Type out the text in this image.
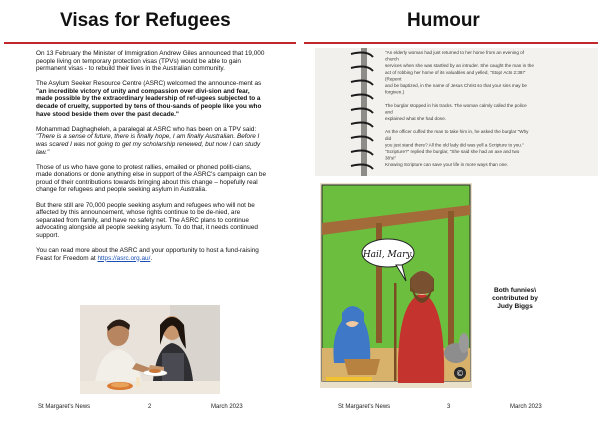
Visas for Refugees

On 13 February the Minister of Immigration Andrew Giles announced that 19,000 people living on temporary protection visas (TPVs) would be able to gain permanent visas - to rebuild their lives in the Australian community.

The Asylum Seeker Resource Centre (ASRC) welcomed the announce-ment as "an incredible victory of unity and compassion over divi-sion and fear, made possible by the extraordinary leadership of ref-ugees subjected to a decade of cruelty, supported by tens of thou-sands of people like you who have stood beside them over the past decade."

Mohammad Daghagheleh, a paralegal at ASRC who has been on a TPV said: "There is a sense of future, there is finally hope, I am finally Australian. Before I was scared I was not going to get my scholarship renewed, but now I can study law."

Those of us who have gone to protest rallies, emailed or phoned politi-cians, made donations or done anything else in support of the ASRC's campaign can be proud of their contributions towards bringing about this change – hopefully real change for refugees and people seeking asylum in Australia.

But there still are 70,000 people seeking asylum and refugees who will not be affected by this announcement, whose rights continue to be de-nied, are separated from family, and have no safety net. The ASRC plans to continue advocating alongside all people seeking asylum. To do that, it needs continued support.

You can read more about the ASRC and your opportunity to host a fund-raising Feast for Freedom at https://asrc.org.au/.

St Margaret's News	2	March 2023
Humour
"An elderly woman had just returned to her home from an evening of
church
services when she was startled by an intruder. She caught the man in the
act of robbing her home of its valuables and yelled, "Stop! Acts 2:38!"
(Repent
and be baptized, in the name of Jesus Christ so that your sins may be
forgiven.)
The burglar stopped in his tracks. The woman calmly called the police
and
explained what she had done.
As the officer cuffed the man to take him in, he asked the burglar "Why
did
you just stand there? All the old lady did was yell a Scripture to you."
"Scripture?" replied the burglar, "She said she had an axe and two
38's!"
Knowing Scripture can save your life in more ways than one.
Hail, Mary.
©
Both funnies\
contributed by
Judy Biggs
St Margaret's News	3	March 2023
